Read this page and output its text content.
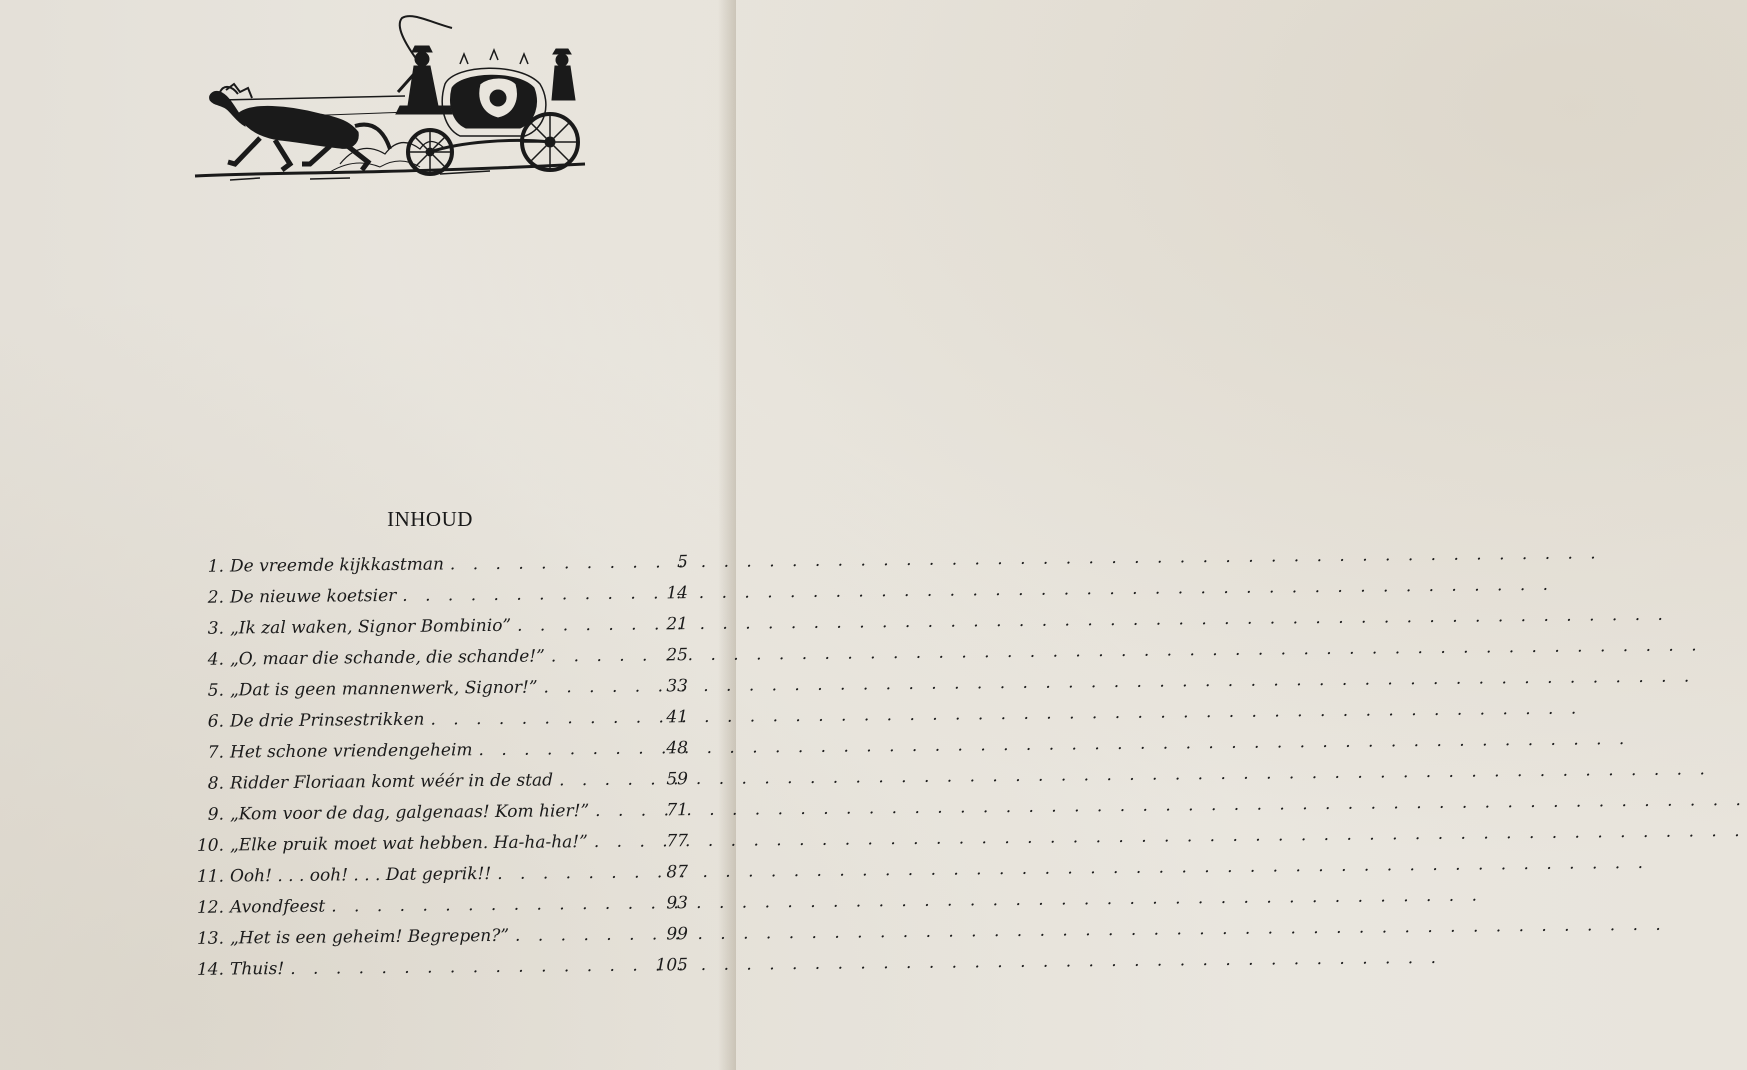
INHOUD
1. De vreemde kijkkastman . . .	5
2. De nieuwe koetsier . . .	14
3. „Ik zal waken, Signor Bombinio” . . .	21
4. „O, maar die schande, die schande!” . . .	25
5. „Dat is geen mannenwerk, Signor!” . . .	33
6. De drie Prinsestrikken . . .	41
7. Het schone vriendengeheim . . .	48
8. Ridder Floriaan komt wéér in de stad . . .	59
9. „Kom voor de dag, galgenaas! Kom hier!” . . .	71
10. „Elke pruik moet wat hebben. Ha-ha-ha!” . . .	77
11. Ooh! . . . ooh! . . . Dat geprik!! . . .	87
12. Avondfeest . . .	93
13. „Het is een geheim! Begrepen?” . . .	99
14. Thuis! . . .	105
